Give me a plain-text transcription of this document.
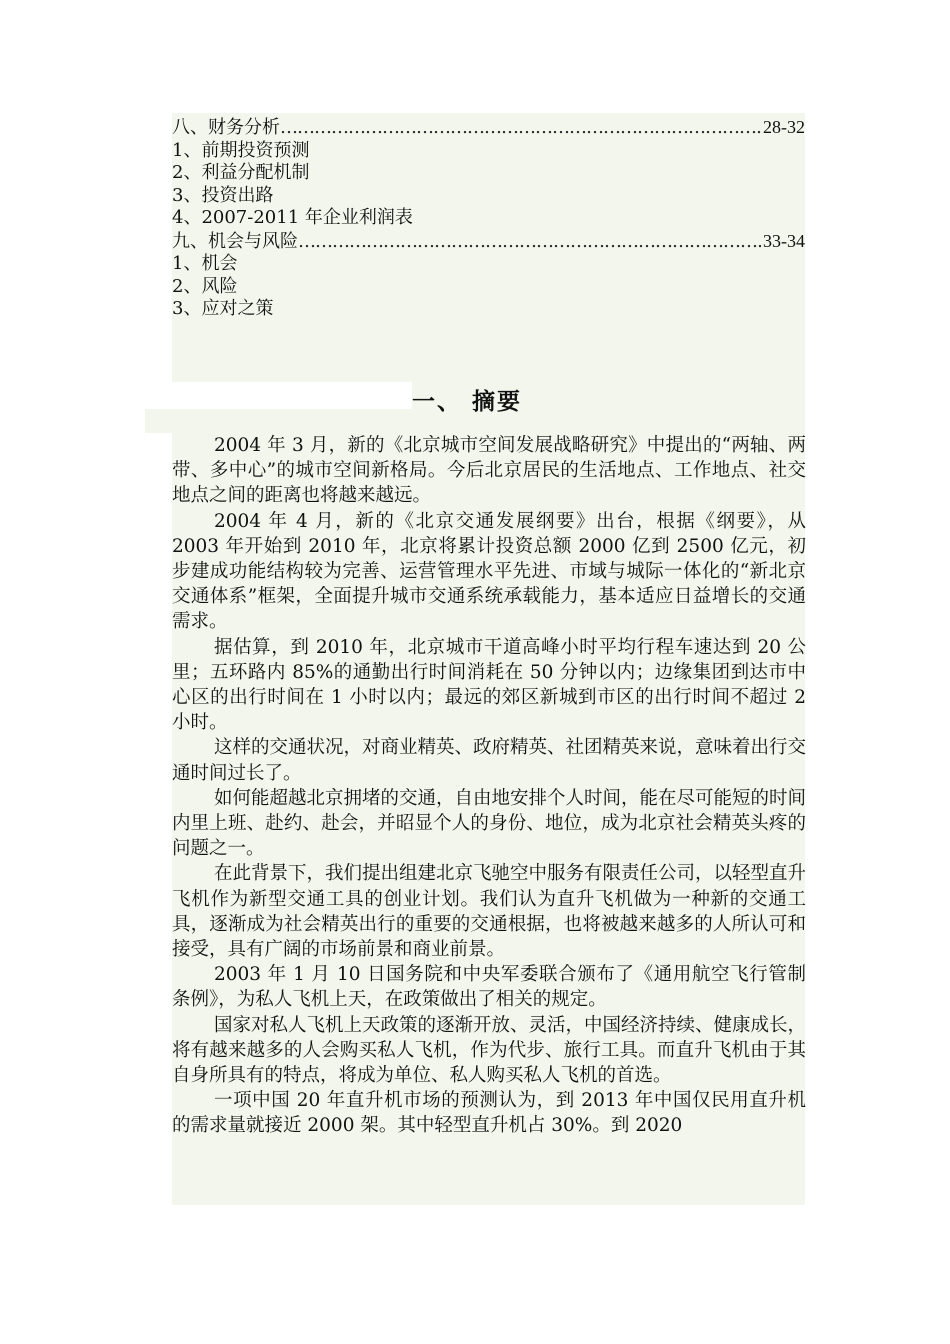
八、财务分析 …………………………………………………………………………………………………………………………………	28-32
1、前期投资预测
2、利益分配机制
3、投资出路
4、2007-2011 年企业利润表
九、机会与风险 …………………………………………………………………………………………………………………………………	33-34
1、机会
2、风险
3、应对之策
一、 摘要

2004 年 3 月，新的《北京城市空间发展战略研究》中提出的“两轴、两带、多中心”的城市空间新格局。今后北京居民的生活地点、工作地点、社交地点之间的距离也将越来越远。

2004 年 4 月，新的《北京交通发展纲要》出台，根据《纲要》，从 2003 年开始到 2010 年，北京将累计投资总额 2000 亿到 2500 亿元，初步建成功能结构较为完善、运营管理水平先进、市域与城际一体化的“新北京交通体系”框架，全面提升城市交通系统承载能力，基本适应日益增长的交通需求。

据估算，到 2010 年，北京城市干道高峰小时平均行程车速达到 20 公里；五环路内 85%的通勤出行时间消耗在 50 分钟以内；边缘集团到达市中心区的出行时间在 1 小时以内；最远的郊区新城到市区的出行时间不超过 2 小时。

这样的交通状况，对商业精英、政府精英、社团精英来说，意味着出行交通时间过长了。

如何能超越北京拥堵的交通，自由地安排个人时间，能在尽可能短的时间内里上班、赴约、赴会，并昭显个人的身份、地位，成为北京社会精英头疼的问题之一。

在此背景下，我们提出组建北京飞驰空中服务有限责任公司，以轻型直升飞机作为新型交通工具的创业计划。我们认为直升飞机做为一种新的交通工具，逐渐成为社会精英出行的重要的交通根据，也将被越来越多的人所认可和接受，具有广阔的市场前景和商业前景。

2003 年 1 月 10 日国务院和中央军委联合颁布了《通用航空飞行管制条例》，为私人飞机上天，在政策做出了相关的规定。

国家对私人飞机上天政策的逐渐开放、灵活，中国经济持续、健康成长，将有越来越多的人会购买私人飞机，作为代步、旅行工具。而直升飞机由于其自身所具有的特点，将成为单位、私人购买私人飞机的首选。

一项中国 20 年直升机市场的预测认为，到 2013 年中国仅民用直升机的需求量就接近 2000 架。其中轻型直升机占 30%。到 2020
